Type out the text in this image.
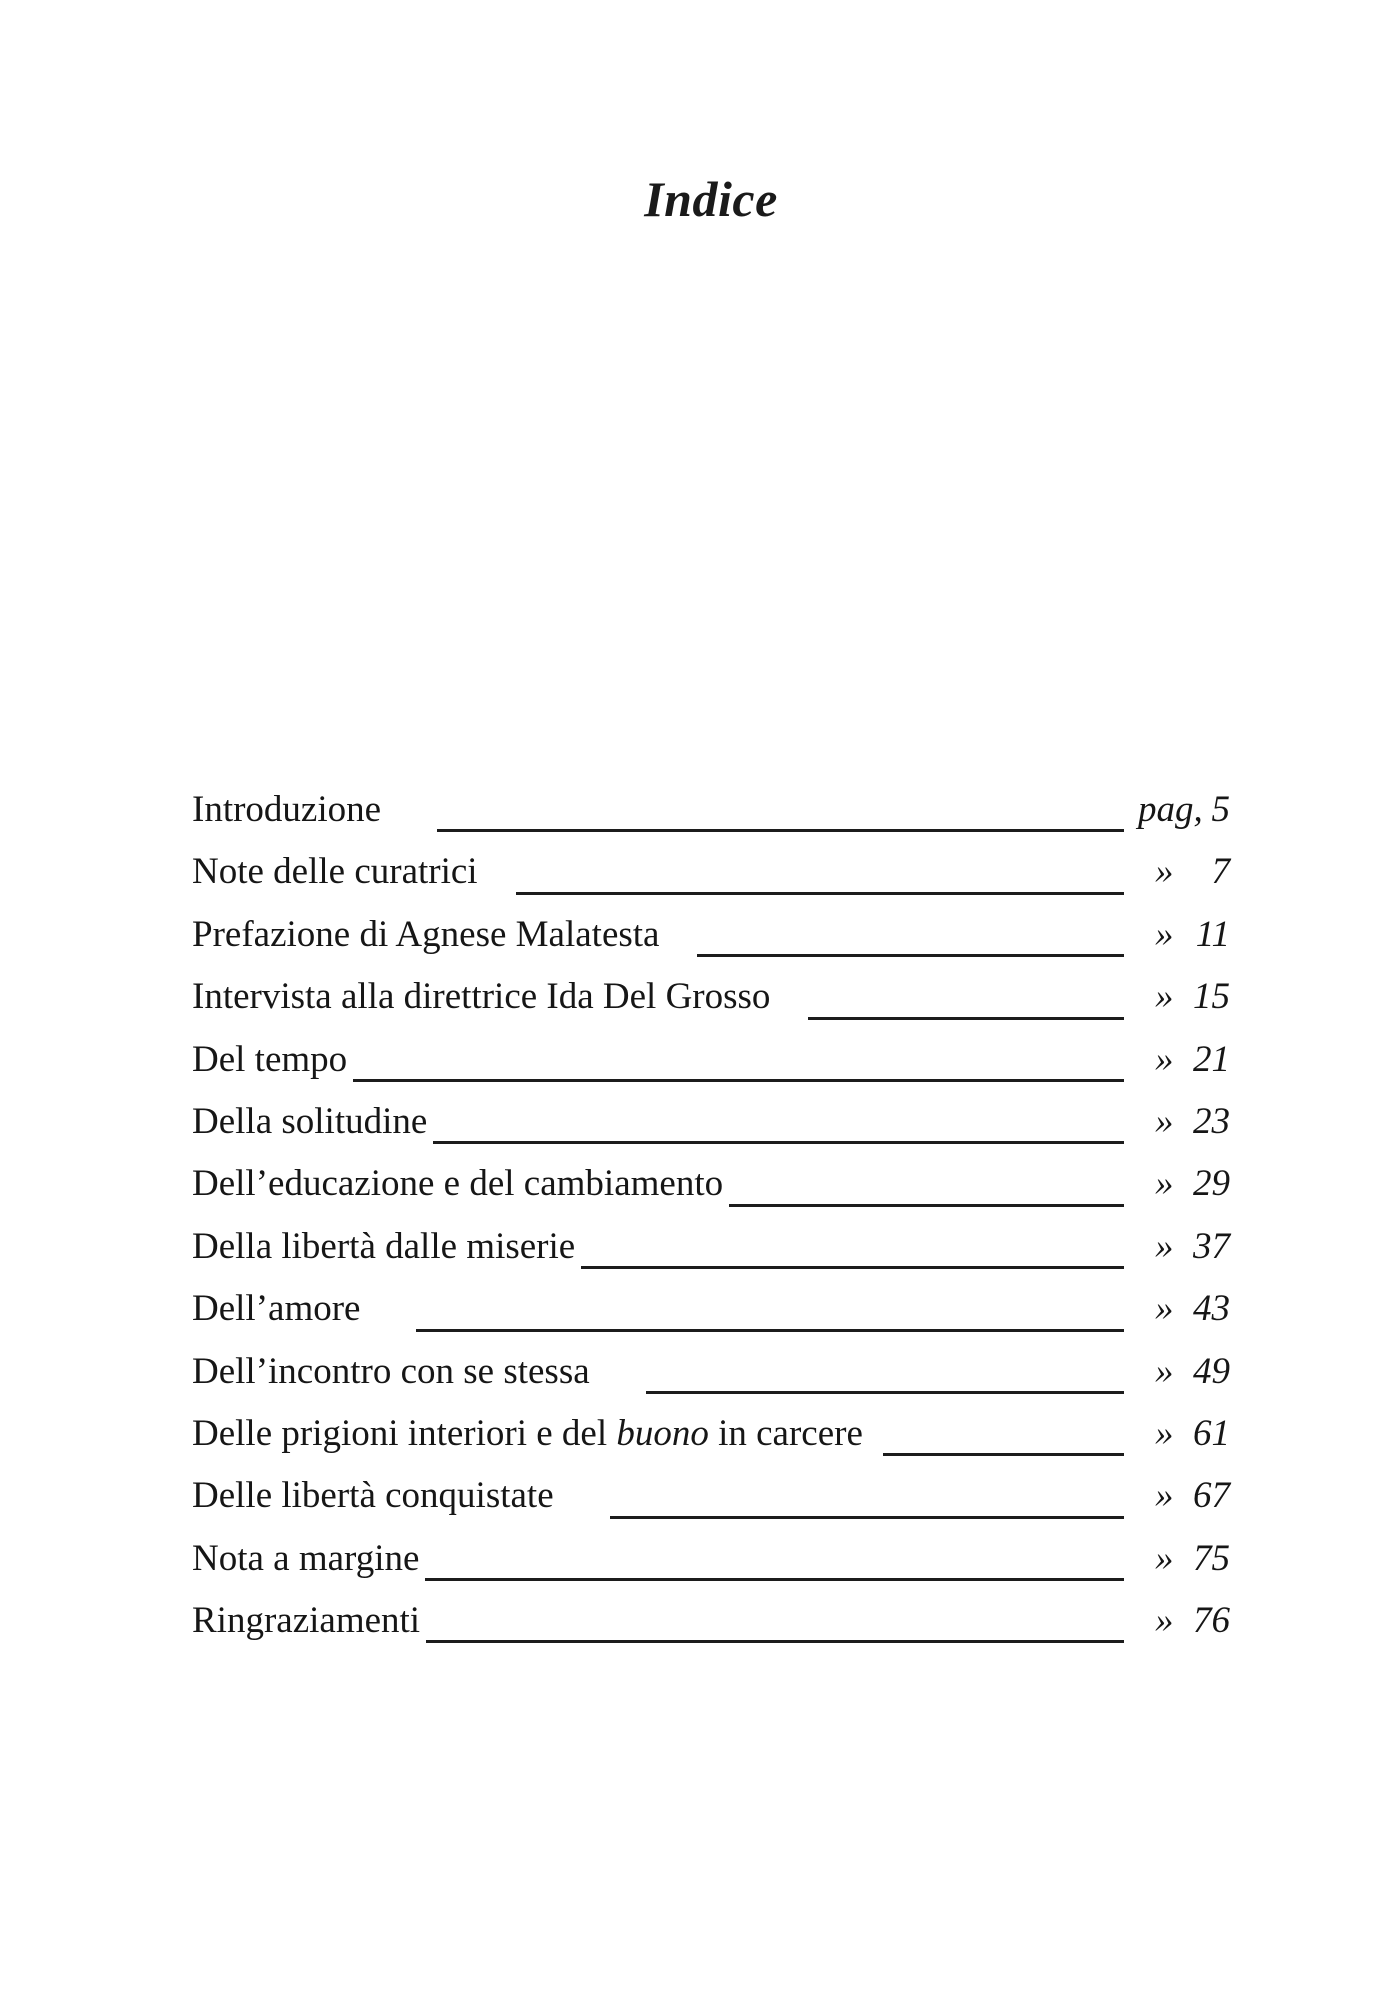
Indice
Introduzione	pag, 5
Note delle curatrici	» 7
Prefazione di Agnese Malatesta	» 11
Intervista alla direttrice Ida Del Grosso	» 15
Del tempo	» 21
Della solitudine	» 23
Dell’educazione e del cambiamento	» 29
Della libertà dalle miserie	» 37
Dell’amore	» 43
Dell’incontro con se stessa	» 49
Delle prigioni interiori e del buono in carcere	» 61
Delle libertà conquistate	» 67
Nota a margine	» 75
Ringraziamenti	» 76
